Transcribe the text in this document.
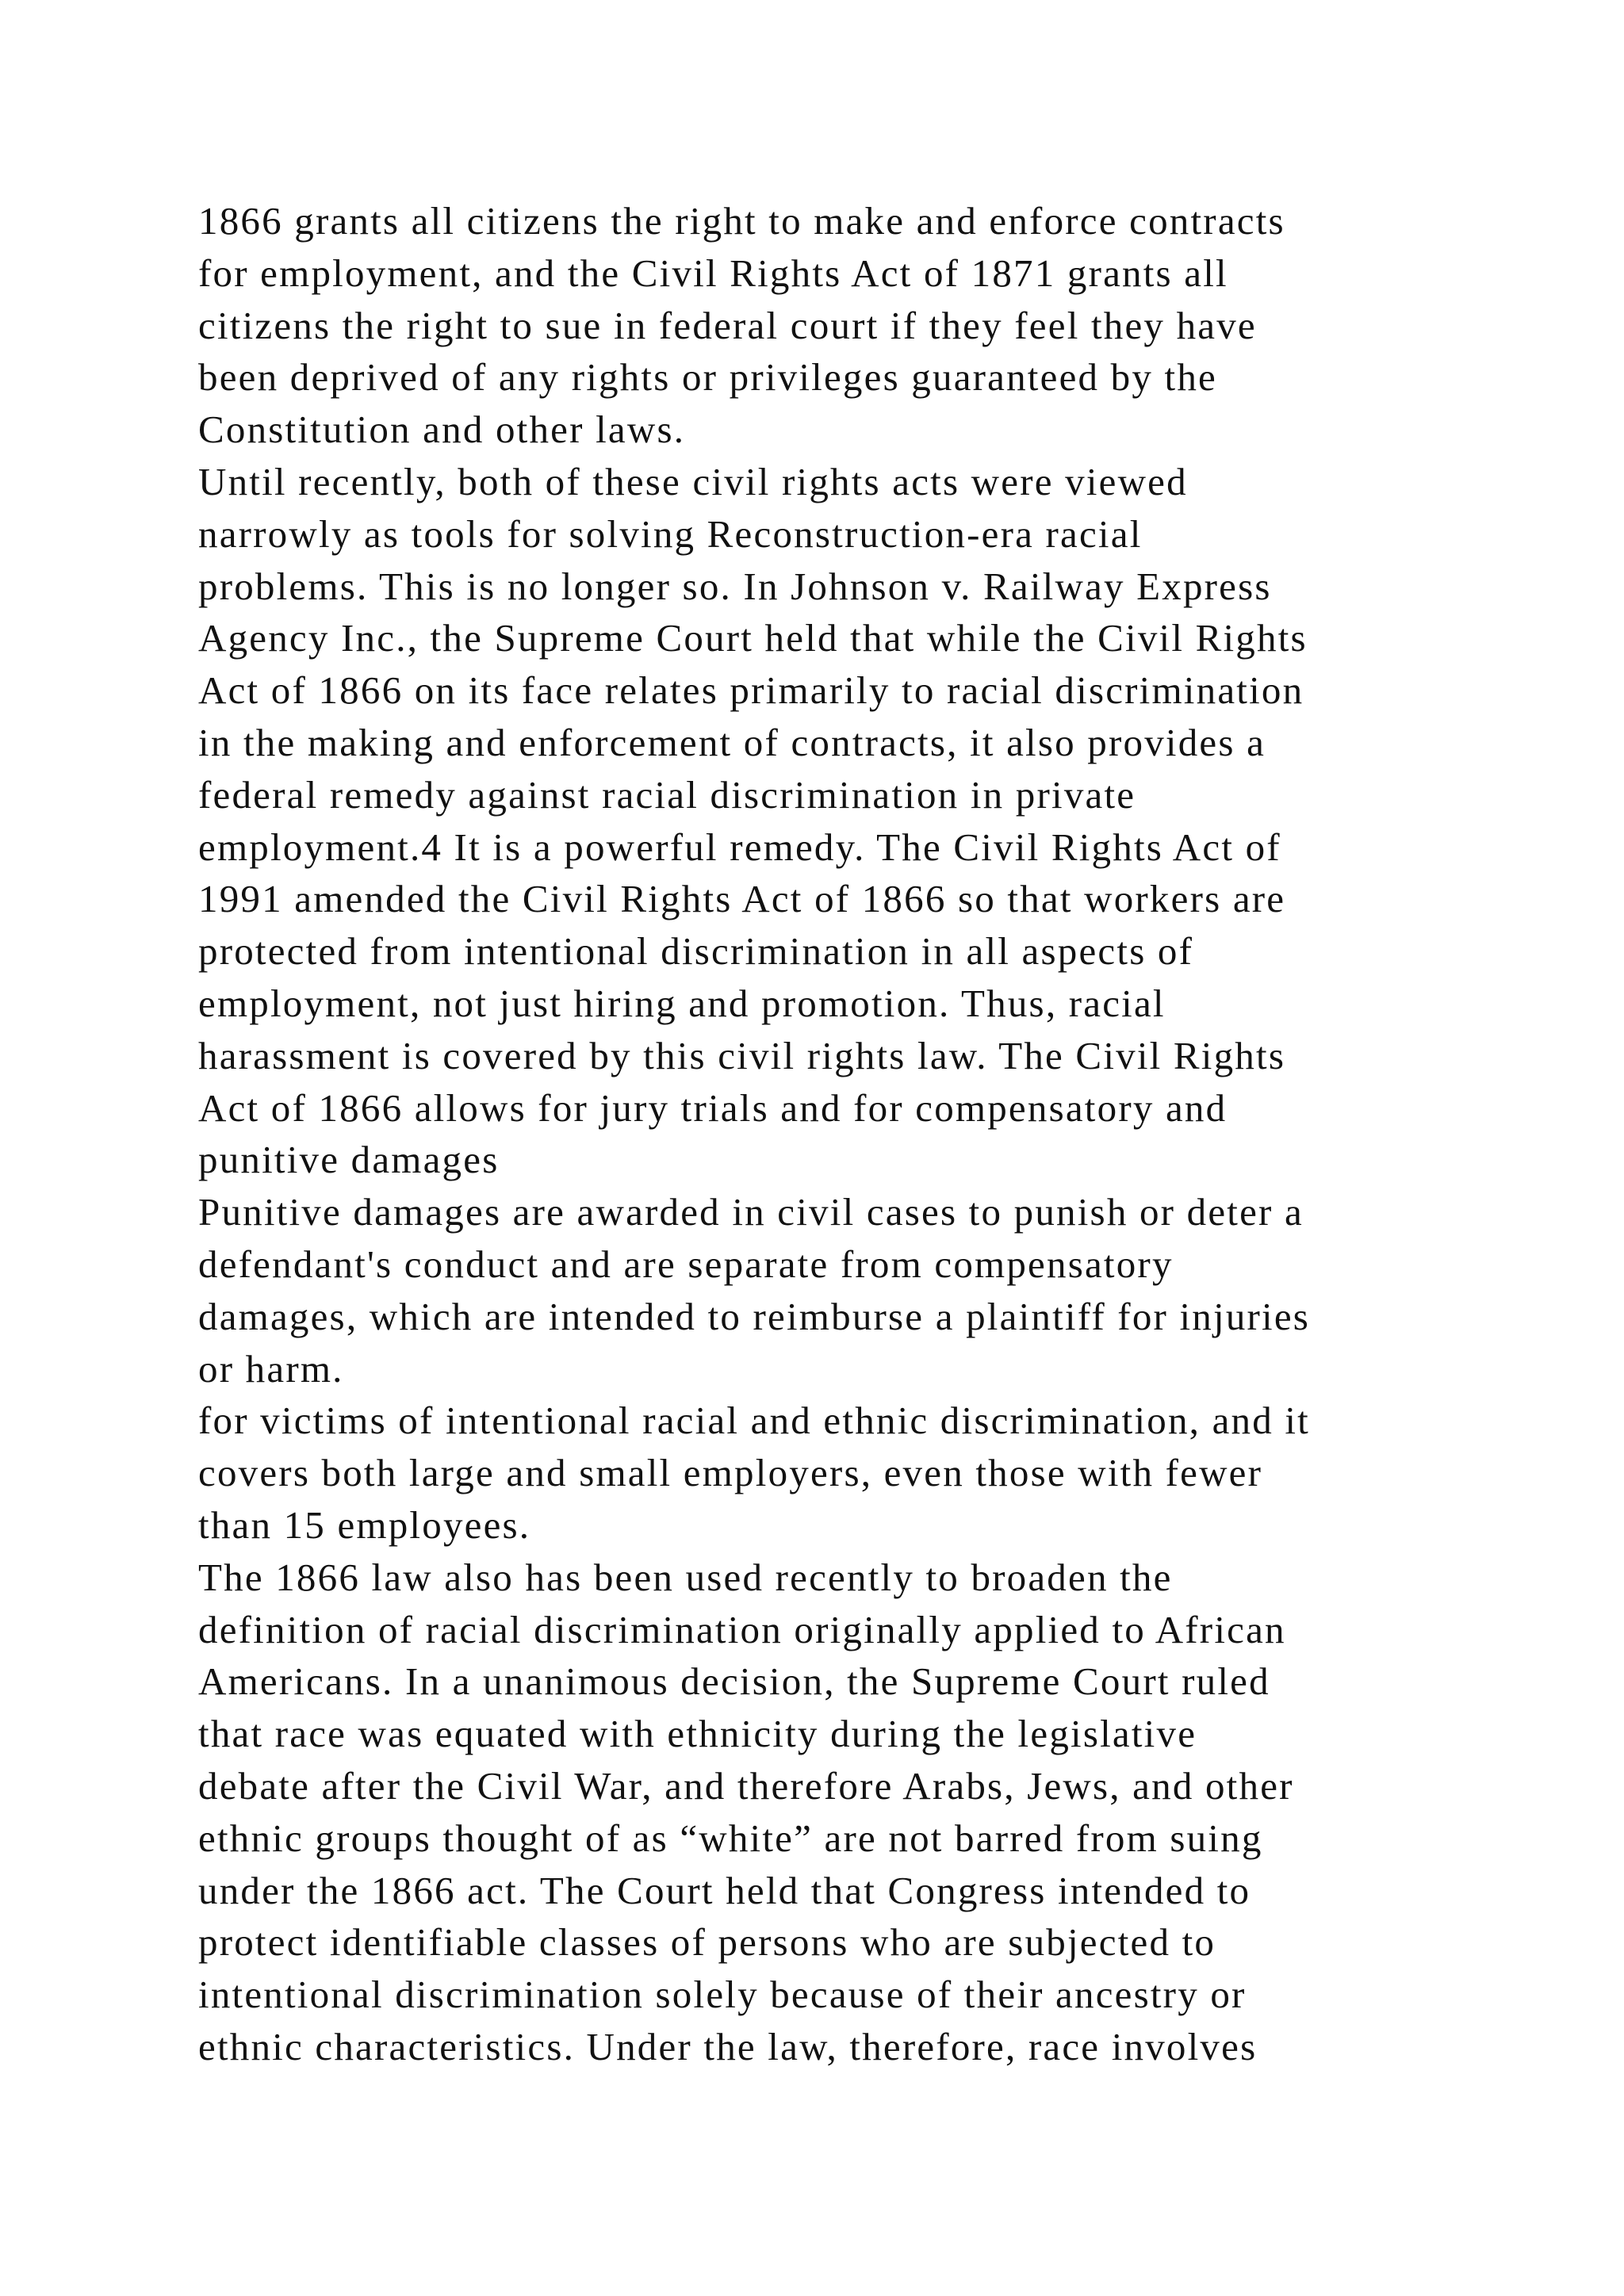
1866 grants all citizens the right to make and enforce contracts
for employment, and the Civil Rights Act of 1871 grants all
citizens the right to sue in federal court if they feel they have
been deprived of any rights or privileges guaranteed by the
Constitution and other laws.
Until recently, both of these civil rights acts were viewed
narrowly as tools for solving Reconstruction-era racial
problems. This is no longer so. In Johnson v. Railway Express
Agency Inc., the Supreme Court held that while the Civil Rights
Act of 1866 on its face relates primarily to racial discrimination
in the making and enforcement of contracts, it also provides a
federal remedy against racial discrimination in private
employment.4 It is a powerful remedy. The Civil Rights Act of
1991 amended the Civil Rights Act of 1866 so that workers are
protected from intentional discrimination in all aspects of
employment, not just hiring and promotion. Thus, racial
harassment is covered by this civil rights law. The Civil Rights
Act of 1866 allows for jury trials and for compensatory and
punitive damages
Punitive damages are awarded in civil cases to punish or deter a
defendant's conduct and are separate from compensatory
damages, which are intended to reimburse a plaintiff for injuries
or harm.
for victims of intentional racial and ethnic discrimination, and it
covers both large and small employers, even those with fewer
than 15 employees.
The 1866 law also has been used recently to broaden the
definition of racial discrimination originally applied to African
Americans. In a unanimous decision, the Supreme Court ruled
that race was equated with ethnicity during the legislative
debate after the Civil War, and therefore Arabs, Jews, and other
ethnic groups thought of as “white” are not barred from suing
under the 1866 act. The Court held that Congress intended to
protect identifiable classes of persons who are subjected to
intentional discrimination solely because of their ancestry or
ethnic characteristics. Under the law, therefore, race involves
